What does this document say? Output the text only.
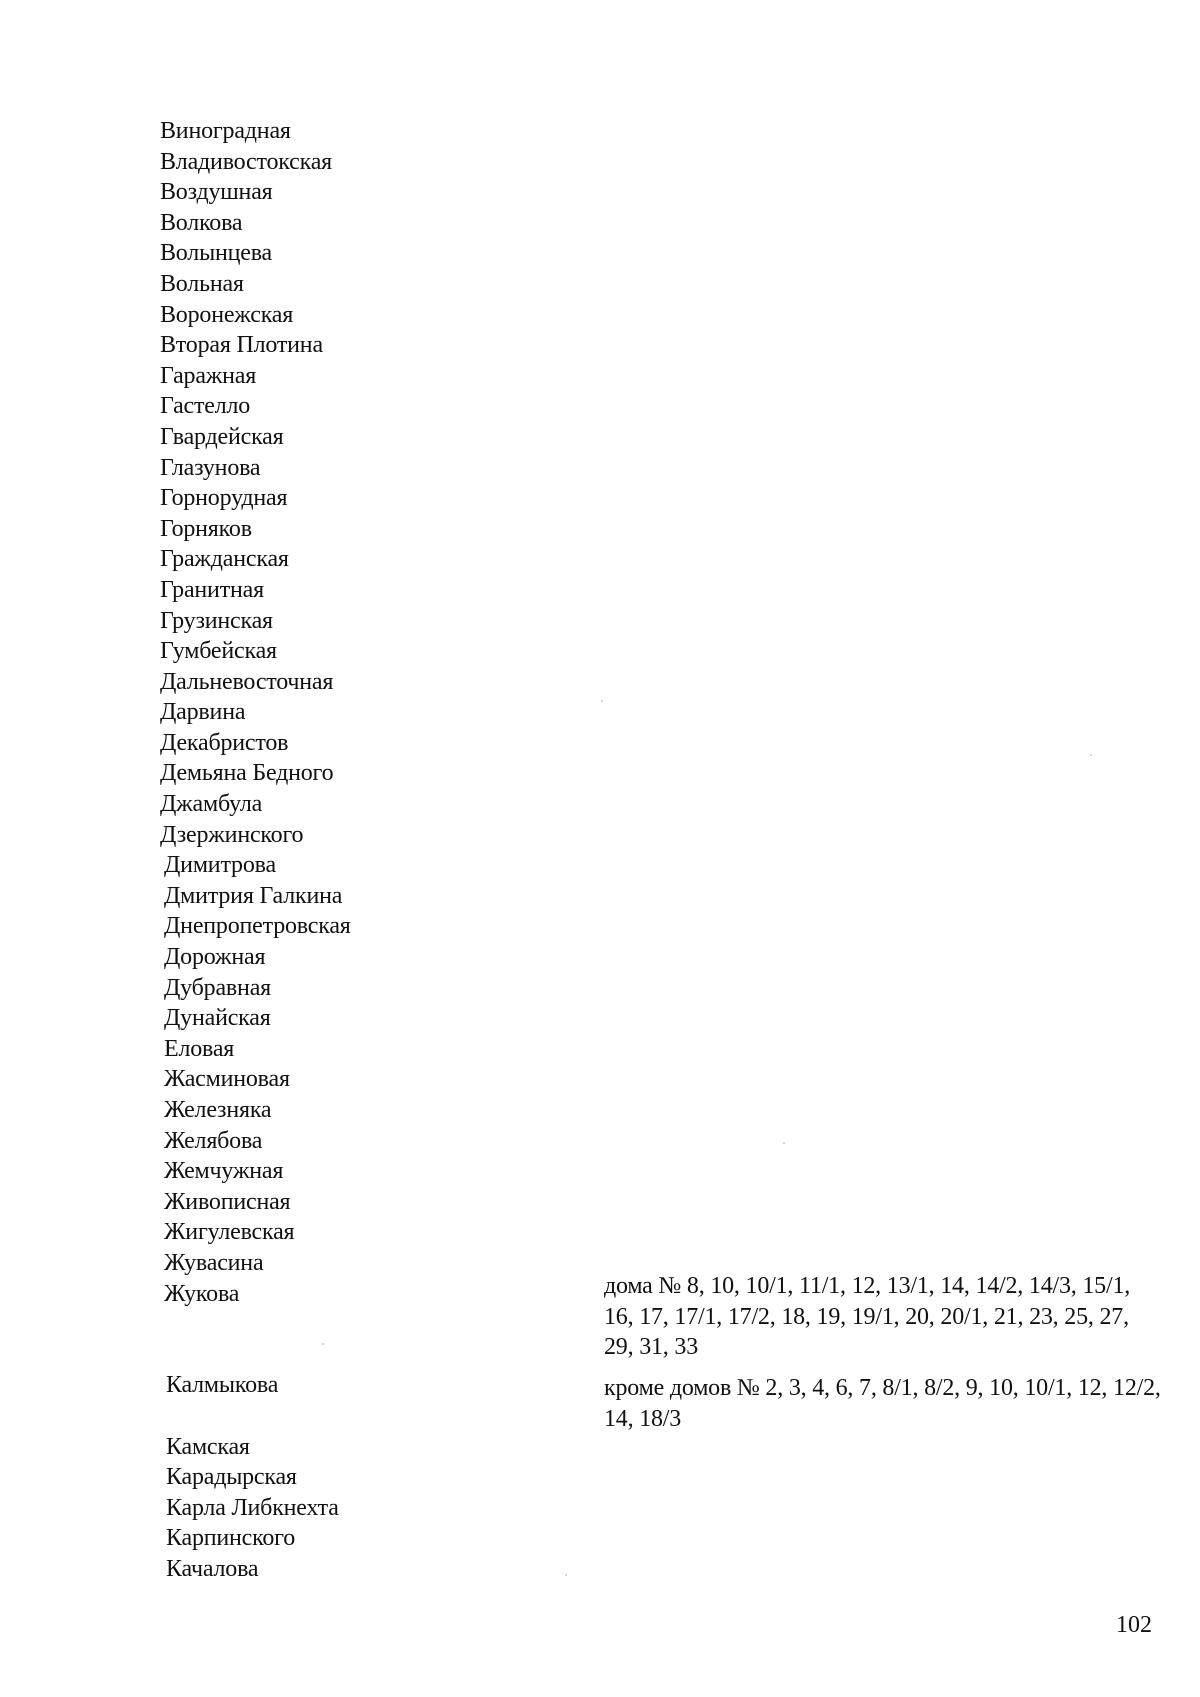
Виноградная
Владивостокская
Воздушная
Волкова
Волынцева
Вольная
Воронежская
Вторая Плотина
Гаражная
Гастелло
Гвардейская
Глазунова
Горнорудная
Горняков
Гражданская
Гранитная
Грузинская
Гумбейская
Дальневосточная
Дарвина
Декабристов
Демьяна Бедного
Джамбула
Дзержинского
Димитрова
Дмитрия Галкина
Днепропетровская
Дорожная
Дубравная
Дунайская
Еловая
Жасминовая
Железняка
Желябова
Жемчужная
Живописная
Жигулевская
Жувасина
Жукова
Калмыкова
Камская
Карадырская
Карла Либкнехта
Карпинского
Качалова

дома № 8, 10, 10/1, 11/1, 12, 13/1, 14, 14/2, 14/3, 15/1, 16, 17, 17/1, 17/2, 18, 19, 19/1, 20, 20/1, 21, 23, 25, 27, 29, 31, 33

кроме домов № 2, 3, 4, 6, 7, 8/1, 8/2, 9, 10, 10/1, 12, 12/2, 14, 18/3

102
